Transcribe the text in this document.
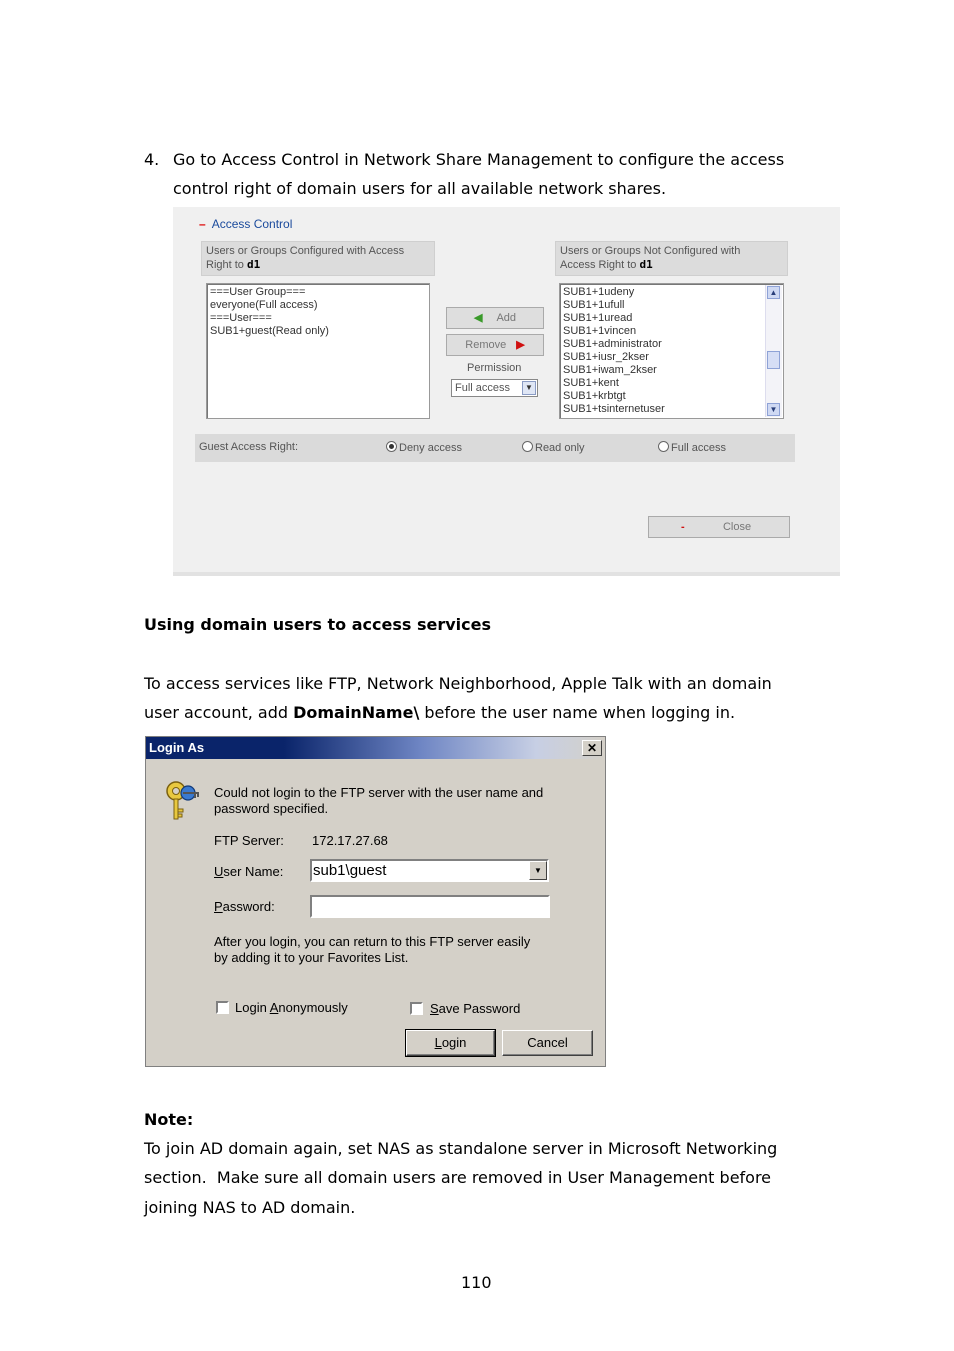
4. Go to Access Control in Network Share Management to configure the access
control right of domain users for all available network shares.
– Access Control
Users or Groups Configured with Access
Right to d1
Users or Groups Not Configured with
Access Right to d1
===User Group===
everyone(Full access)
===User===
SUB1+guest(Read only)
◀ Add
Remove ▶
Permission
Full access	▼
SUB1+1udeny
SUB1+1ufull
SUB1+1uread
SUB1+1vincen
SUB1+administrator
SUB1+iusr_2kser
SUB1+iwam_2kser
SUB1+kent
SUB1+krbtgt
SUB1+tsinternetuser
▲
▼
Guest Access Right:	Deny access	Read only	Full access
-	Close
Using domain users to access services
To access services like FTP, Network Neighborhood, Apple Talk with an domain
user account, add DomainName\ before the user name when logging in.
Login As	✕
Could not login to the FTP server with the user name and
password specified.
FTP Server: 172.17.27.68
User Name: sub1\guest	▼
Password:
After you login, you can return to this FTP server easily
by adding it to your Favorites List.
Login Anonymously	Save Password
Login	Cancel
Note:
To join AD domain again, set NAS as standalone server in Microsoft Networking
section.  Make sure all domain users are removed in User Management before
joining NAS to AD domain.
110
